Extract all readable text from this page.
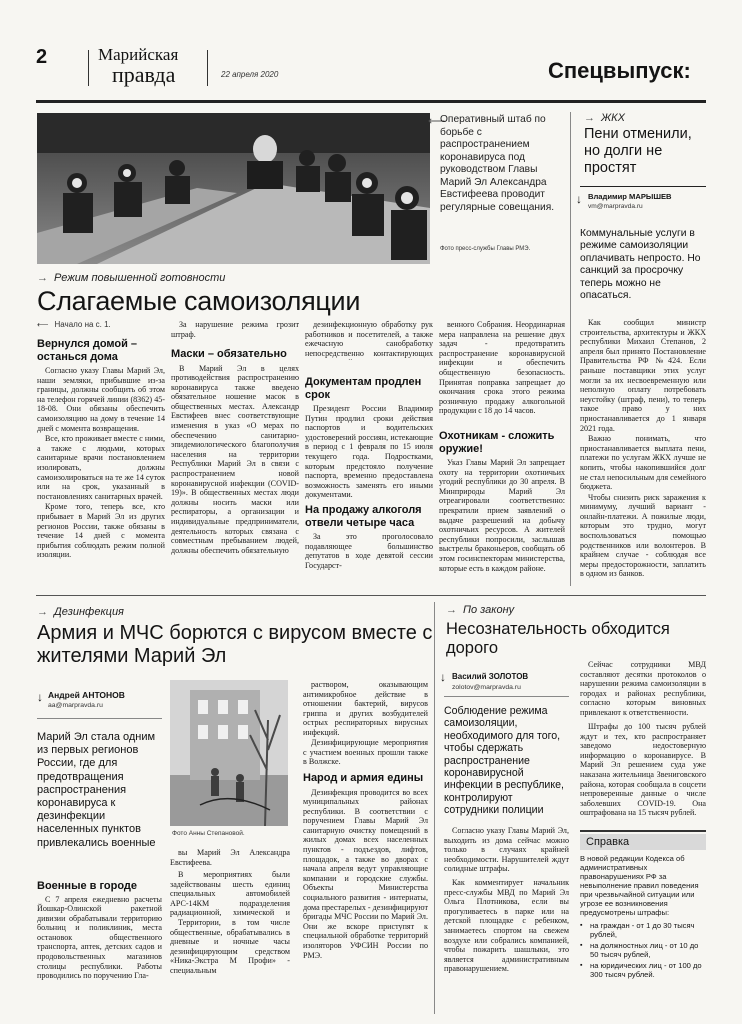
2	Марийская
правда	22 апреля 2020	Спецвыпуск:
⟵
Оперативный штаб по борьбе с распространением коронавируса под руководством Главы Марий Эл Александра Евстифеева проводит регулярные совещания.
Фото пресс-службы Главы РМЭ.
→ ЖКХ
Пени отменили, но долги не простят
↓ Владимир МАРЫШЕВ
vm@marpravda.ru
Коммунальные услуги в режиме самоизоляции оплачивать непросто. Но санкций за просрочку теперь можно не опасаться.

Как сообщил министр строительства, архитектуры и ЖКХ республики Михаил Степанов, 2 апреля был принято Постановление Правительства РФ №424. Если раньше поставщики этих услуг могли за их несвоевременную или неполную оплату потребовать неустойку (штраф, пени), то теперь такое право у них приостанавливается до 1 января 2021 года.

Важно понимать, что приостанавливается выплата пени, платежи по услугам ЖКХ лучше не копить, чтобы накопившийся долг не стал непосильным для семейного бюджета.

Чтобы снизить риск заражения к минимуму, лучший вариант - онлайн-платежи. А пожилые люди, которым это трудно, могут воспользоваться помощью родственников или волонтеров. В крайнем случае - соблюдая все меры предосторожности, заплатить в одном из банков.

→ Режим повышенной готовности
Слагаемые самоизоляции
⟵ Начало на с. 1.
Вернулся домой – останься дома

Согласно указу Главы Марий Эл, наши земляки, прибывшие из-за границы, должны сообщить об этом на телефон горячей линии (8362) 45-18-08. Они обязаны обеспечить самоизоляцию на дому в течение 14 дней с момента возвращения.

Все, кто проживает вместе с ними, а также с людьми, которых санитарные врачи постановлением изолировать, должны самоизолироваться на те же 14 суток или на срок, указанный в постановлениях санитарных врачей.

Кроме того, теперь все, кто прибывает в Марий Эл из других регионов России, также обязаны в течение 14 дней с момента прибытия соблюдать режим полной изоляции.

За нарушение режима грозит штраф.

Маски – обязательно

В Марий Эл в целях противодействия распространению коронавируса также введено обязательное ношение масок в общественных местах. Александр Евстифеев внес соответствующие изменения в указ «О мерах по обеспечению санитарно-эпидемиологического благополучия населения на территории Республики Марий Эл в связи с распространением новой коронавирусной инфекции (COVID-19)». В общественных местах люди должны носить маски или респираторы, а организации и индивидуальные предприниматели, деятельность которых связана с совместным пребыванием людей, должны обеспечить обязательную

дезинфекционную обработку рук работников и посетителей, а также ежечасную санобработку непосредственно контактирующих

Документам продлен срок

Президент России Владимир Путин продлил сроки действия паспортов и водительских удостоверений россиян, истекающие в период с 1 февраля по 15 июля текущего года. Подростками, которым предстояло получение паспорта, временно предоставлена возможность заменять его иными документами.

На продажу алкоголя отвели четыре часа

За это проголосовало подавляющее большинство депутатов в ходе девятой сессии Государст-

венного Собрания. Неординарная мера направлена на решение двух задач - предотвратить распространение коронавирусной инфекции и обеспечить общественную безопасность. Принятая поправка запрещает до окончания срока этого режима розничную продажу алкогольной продукции с 18 до 14 часов.

Охотникам - сложить оружие!

Указ Главы Марий Эл запрещает охоту на территории охотничьих угодий республики до 30 апреля. В Минприроды Марий Эл отреагировали соответственно: прекратили прием заявлений о выдаче разрешений на добычу охотничьих ресурсов. А жителей республики попросили, заслышав выстрелы браконьеров, сообщать об этом госинспекторам министерства, которые есть в каждом районе.

→ Дезинфекция
Армия и МЧС борются с вирусом вместе с жителями Марий Эл
↓ Андрей АНТОНОВ
aa@marpravda.ru
Марий Эл стала одним из первых регионов России, где для предотвращения распространения коронавируса к дезинфекции населенных пунктов привлекались военные
Военные в городе

С 7 апреля ежедневно расчеты Йошкар-Олинской ракетной дивизии обрабатывали территорию больниц и поликлиник, места остановок общественного транспорта, аптек, детских садов и продовольственных магазинов столицы республики. Работы проводились по поручению Гла-

Фото Анны Степановой.

вы Марий Эл Александра Евстифеева.

В мероприятиях были задействованы шесть единиц специальных автомобилей АРС-14КМ подразделения радиационной, химической и

Территории, в том числе общественные, обрабатывались в дневные и ночные часы дезинфицирующим средством «Ника-Экстра М Профи» - специальным

раствором, оказывающим антимикробное действие в отношении бактерий, вирусов гриппа и других возбудителей острых респираторных вирусных инфекций.

Дезинфицирующие мероприятия с участием военных прошли также в Волжске.

Народ и армия едины

Дезинфекция проводится во всех муниципальных районах республики. В соответствии с поручением Главы Марий Эл санитарную очистку помещений в жилых домах всех населенных пунктов - подъездов, лифтов, площадок, а также во дворах с начала апреля ведут управляющие компании и городские службы. Объекты Министерства социального развития - интернаты, дома престарелых - дезинфицируют бригады МЧС России по Марий Эл. Они же вскоре приступят к специальной обработке территорий изоляторов УФСИН России по РМЭ.

→ По закону
Несознательность обходится дорого
↓ Василий ЗОЛОТОВ
zolotov@marpravda.ru
Соблюдение режима самоизоляции, необходимого для того, чтобы сдержать распространение коронавирусной инфекции в республике, контролируют сотрудники полиции

Согласно указу Главы Марий Эл, выходить из дома сейчас можно только в случаях крайней необходимости. Нарушителей ждут солидные штрафы.

Как комментирует начальник пресс-службы МВД по Марий Эл Ольга Плотникова, если вы прогуливаетесь в парке или на детской площадке с ребенком, занимаетесь спортом на свежем воздухе или собрались компанией, чтобы пожарить шашлыки, это является административным правонарушением.

Сейчас сотрудники МВД составляют десятки протоколов о нарушении режима самоизоляции в городах и районах республики, согласно которым виновных привлекают к ответственности.

Штрафы до 100 тысяч рублей ждут и тех, кто распространяет заведомо недостоверную информацию о коронавирусе. В Марий Эл решением суда уже наказана жительница Звениговского района, которая сообщала в соцсети непроверенные данные о числе заболевших COVID-19. Она оштрафована на 15 тысяч рублей.

Справка
В новой редакции Кодекса об административных правонарушениях РФ за невыполнение правил поведения при чрезвычайной ситуации или угрозе ее возникновения предусмотрены штрафы:
▪ на граждан - от 1 до 30 тысяч рублей,
▪ на должностных лиц - от 10 до 50 тысяч рублей,
▪ на юридических лиц - от 100 до 300 тысяч рублей.
